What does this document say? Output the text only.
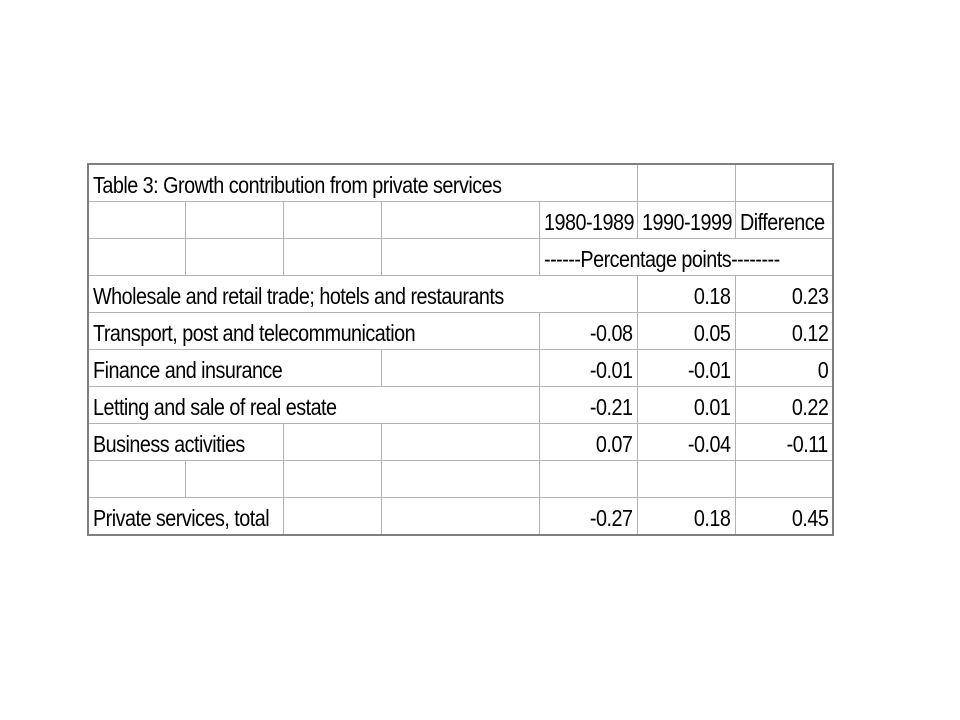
Table 3: Growth contribution from private services						
				1980-1989	1990-1999	Difference
				------Percentage points--------		
Wholesale and retail trade; hotels and restaurants					0.18	0.23
Transport, post and telecommunication				-0.08	0.05	0.12
Finance and insurance				-0.01	-0.01	0
Letting and sale of real estate				-0.21	0.01	0.22
Business activities				0.07	-0.04	-0.11

Private services, total				-0.27	0.18	0.45
